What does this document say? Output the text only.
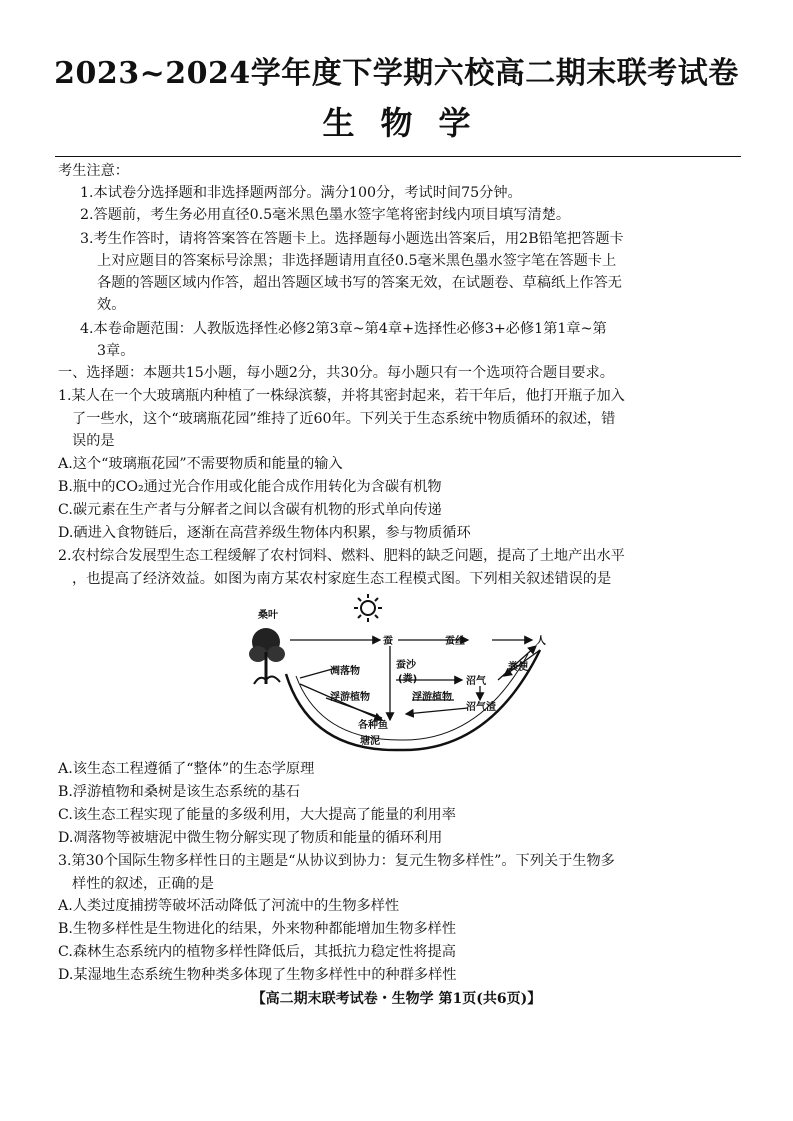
2023~2024学年度下学期六校高二期末联考试卷
生物学
考生注意：
1.本试卷分选择题和非选择题两部分。满分100分，考试时间75分钟。
2.答题前，考生务必用直径0.5毫米黑色墨水签字笔将密封线内项目填写清楚。
3.考生作答时，请将答案答在答题卡上。选择题每小题选出答案后，用2B铅笔把答题卡
上对应题目的答案标号涂黑；非选择题请用直径0.5毫米黑色墨水签字笔在答题卡上
各题的答题区域内作答，超出答题区域书写的答案无效，在试题卷、草稿纸上作答无
效。
4.本卷命题范围：人教版选择性必修2第3章~第4章+选择性必修3+必修1第1章~第
3章。
一、选择题：本题共15小题，每小题2分，共30分。每小题只有一个选项符合题目要求。
1.某人在一个大玻璃瓶内种植了一株绿滨藜，并将其密封起来，若干年后，他打开瓶子加入
了一些水，这个“玻璃瓶花园”维持了近60年。下列关于生态系统中物质循环的叙述，错
误的是
A.这个“玻璃瓶花园”不需要物质和能量的输入
B.瓶中的CO₂通过光合作用或化能合成作用转化为含碳有机物
C.碳元素在生产者与分解者之间以含碳有机物的形式单向传递
D.硒进入食物链后，逐渐在高营养级生物体内积累，参与物质循环
2.农村综合发展型生态工程缓解了农村饲料、燃料、肥料的缺乏问题，提高了土地产出水平
，也提高了经济效益。如图为南方某农村家庭生态工程模式图。下列相关叙述错误的是
桑叶
蚕	蚕丝	人
凋落物
蚕沙
(粪)	沼气
粪便
浮游植物	浮游植物
沼气渣
各种鱼
塘泥
A.该生态工程遵循了“整体”的生态学原理
B.浮游植物和桑树是该生态系统的基石
C.该生态工程实现了能量的多级利用，大大提高了能量的利用率
D.凋落物等被塘泥中微生物分解实现了物质和能量的循环利用
3.第30个国际生物多样性日的主题是“从协议到协力：复元生物多样性”。下列关于生物多
样性的叙述，正确的是
A.人类过度捕捞等破坏活动降低了河流中的生物多样性
B.生物多样性是生物进化的结果，外来物种都能增加生物多样性
C.森林生态系统内的植物多样性降低后，其抵抗力稳定性将提高
D.某湿地生态系统生物种类多体现了生物多样性中的种群多样性
【高二期末联考试卷・生物学 第1页(共6页)】
